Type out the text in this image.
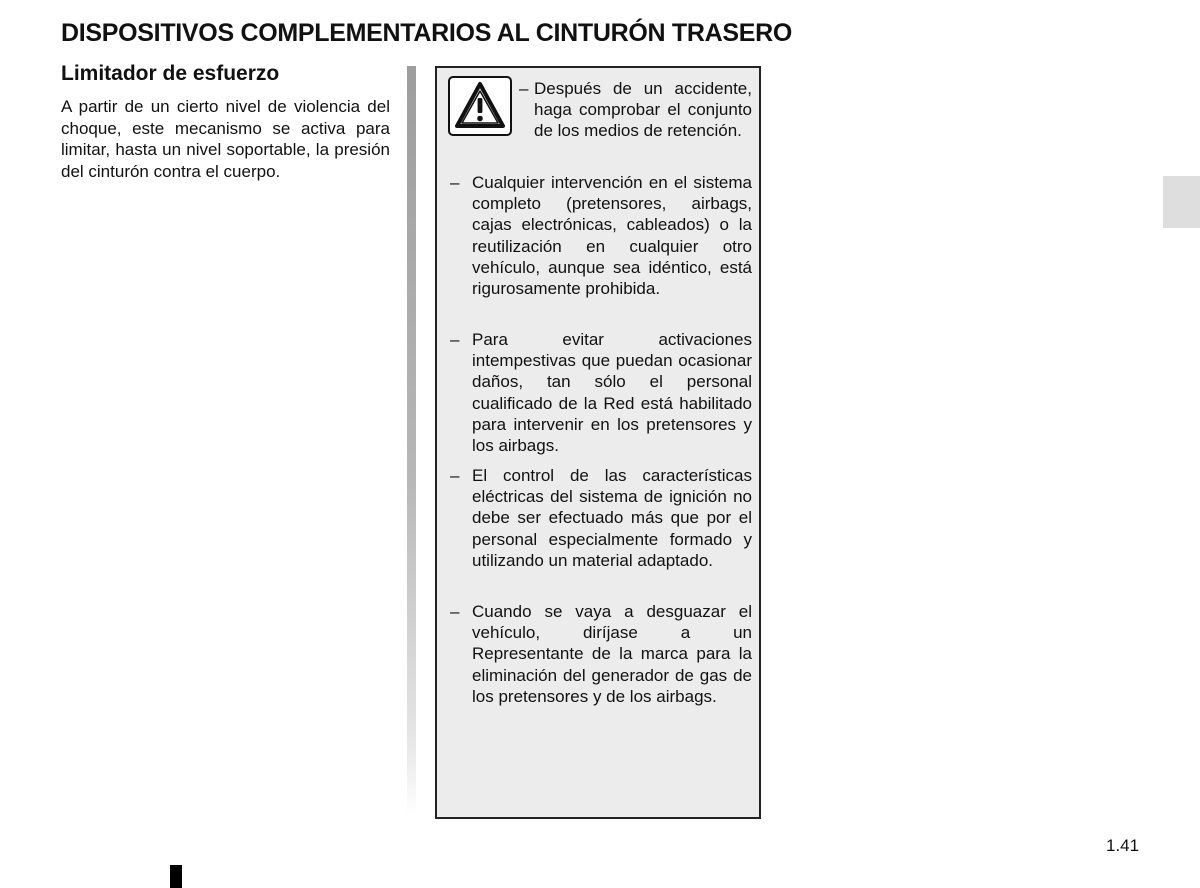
DISPOSITIVOS COMPLEMENTARIOS AL CINTURÓN TRASERO
Limitador de esfuerzo

A partir de un cierto nivel de violencia del choque, este mecanismo se activa para limitar, hasta un nivel soportable, la presión del cinturón contra el cuerpo.

– Después de un accidente, haga comprobar el conjunto de los medios de retención.
– Cualquier intervención en el sistema completo (pretensores, airbags, cajas electrónicas, cableados) o la reutilización en cualquier otro vehículo, aunque sea idéntico, está rigurosamente prohibida.
– Para evitar activaciones intempestivas que puedan ocasionar daños, tan sólo el personal cualificado de la Red está habilitado para intervenir en los pretensores y los airbags.
– El control de las características eléctricas del sistema de ignición no debe ser efectuado más que por el personal especialmente formado y utilizando un material adaptado.
– Cuando se vaya a desguazar el vehículo, diríjase a un Representante de la marca para la eliminación del generador de gas de los pretensores y de los airbags.

1.41
